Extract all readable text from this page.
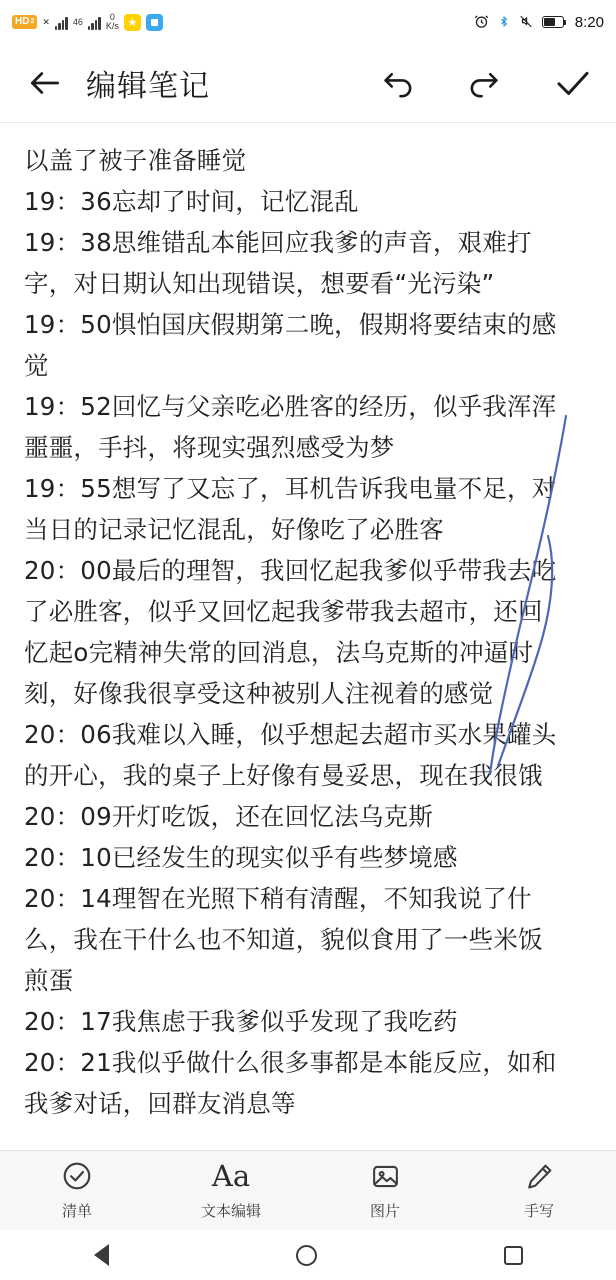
HD 2 ✕	46	0
K/s ★	8:20
编辑笔记
以盖了被子准备睡觉
19：36忘却了时间，记忆混乱
19：38思维错乱本能回应我爹的声音，艰难打
字，对日期认知出现错误，想要看“光污染”
19：50惧怕国庆假期第二晚，假期将要结束的感
觉
19：52回忆与父亲吃必胜客的经历，似乎我浑浑
噩噩，手抖，将现实强烈感受为梦
19：55想写了又忘了，耳机告诉我电量不足，对
当日的记录记忆混乱，好像吃了必胜客
20：00最后的理智，我回忆起我爹似乎带我去吃
了必胜客，似乎又回忆起我爹带我去超市，还回
忆起o完精神失常的回消息，法乌克斯的冲逼时
刻，好像我很享受这种被别人注视着的感觉
20：06我难以入睡，似乎想起去超市买水果罐头
的开心，我的桌子上好像有曼妥思，现在我很饿
20：09开灯吃饭，还在回忆法乌克斯
20：10已经发生的现实似乎有些梦境感
20：14理智在光照下稍有清醒，不知我说了什
么，我在干什么也不知道，貌似食用了一些米饭
煎蛋
20：17我焦虑于我爹似乎发现了我吃药
20：21我似乎做什么很多事都是本能反应，如和
我爹对话，回群友消息等
清单
Aa
文本编辑	图片	手写
